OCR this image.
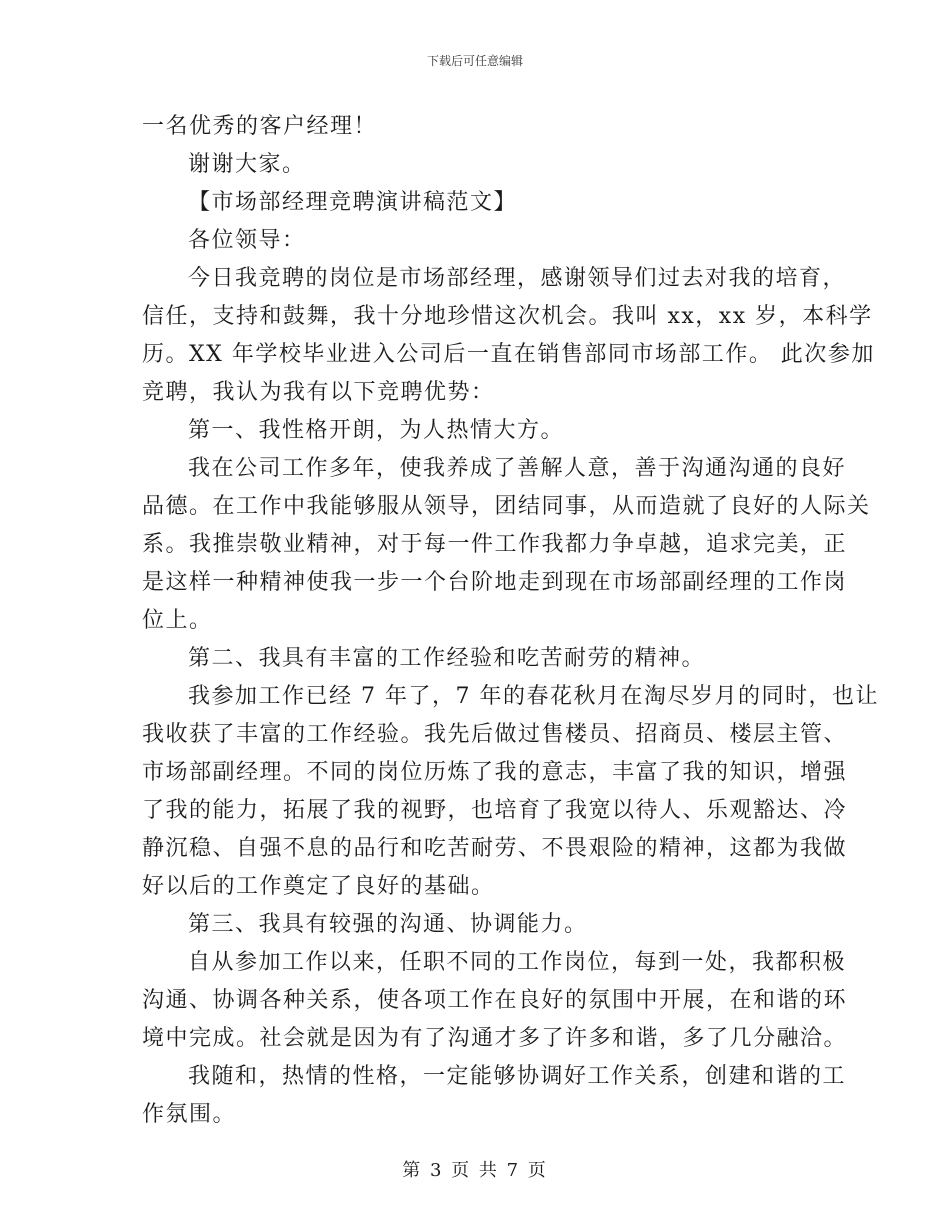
下载后可任意编辑
一名优秀的客户经理！
谢谢大家。
【市场部经理竞聘演讲稿范文】
各位领导：
今日我竞聘的岗位是市场部经理，感谢领导们过去对我的培育，
信任，支持和鼓舞，我十分地珍惜这次机会。我叫 xx，xx 岁，本科学
历。XX 年学校毕业进入公司后一直在销售部同市场部工作。 此次参加
竞聘，我认为我有以下竞聘优势：
第一、我性格开朗，为人热情大方。
我在公司工作多年，使我养成了善解人意，善于沟通沟通的良好
品德。在工作中我能够服从领导，团结同事，从而造就了良好的人际关
系。我推崇敬业精神，对于每一件工作我都力争卓越，追求完美，正
是这样一种精神使我一步一个台阶地走到现在市场部副经理的工作岗
位上。
第二、我具有丰富的工作经验和吃苦耐劳的精神。
我参加工作已经 7 年了，7 年的春花秋月在淘尽岁月的同时，也让
我收获了丰富的工作经验。我先后做过售楼员、招商员、楼层主管、
市场部副经理。不同的岗位历炼了我的意志，丰富了我的知识，增强
了我的能力，拓展了我的视野，也培育了我宽以待人、乐观豁达、冷
静沉稳、自强不息的品行和吃苦耐劳、不畏艰险的精神，这都为我做
好以后的工作奠定了良好的基础。
第三、我具有较强的沟通、协调能力。
自从参加工作以来，任职不同的工作岗位，每到一处，我都积极
沟通、协调各种关系，使各项工作在良好的氛围中开展，在和谐的环
境中完成。社会就是因为有了沟通才多了许多和谐，多了几分融洽。
我随和，热情的性格，一定能够协调好工作关系，创建和谐的工
作氛围。
第 3 页 共 7 页
